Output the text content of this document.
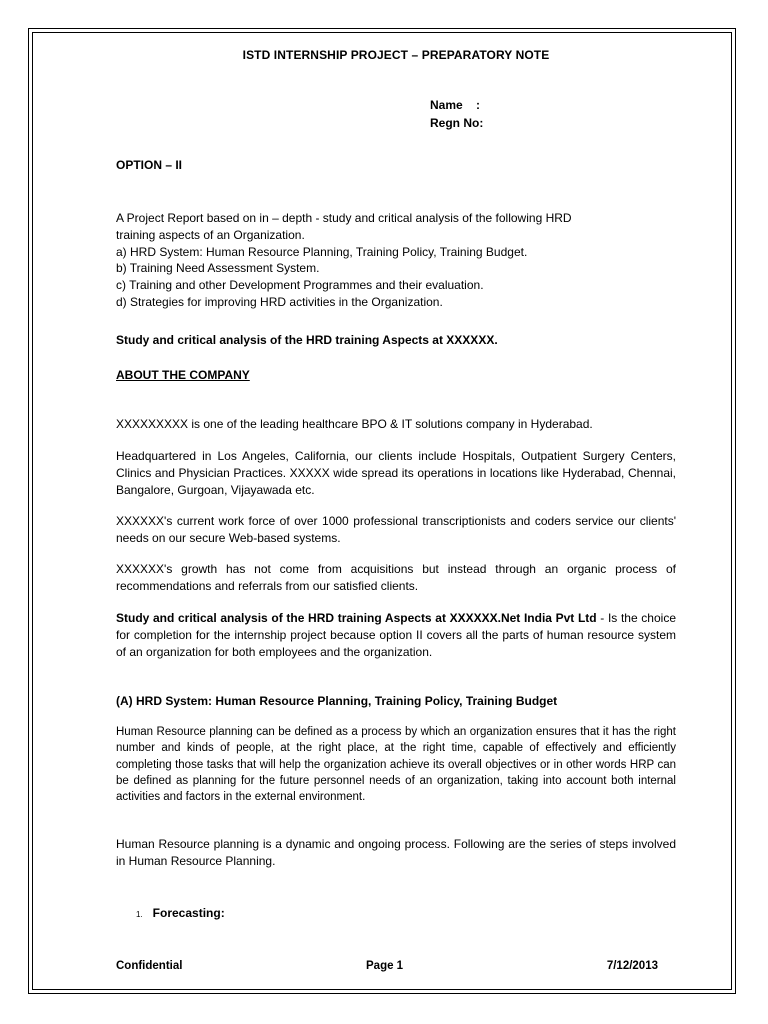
ISTD INTERNSHIP PROJECT – PREPARATORY NOTE
Name    :
Regn No:
OPTION – II
A Project Report based on in – depth - study and critical analysis of the following HRD
training aspects of an Organization.
a) HRD System: Human Resource Planning, Training Policy, Training Budget.
b) Training Need Assessment System.
c) Training and other Development Programmes and their evaluation.
d) Strategies for improving HRD activities in the Organization.
Study and critical analysis of the HRD training Aspects at XXXXXX.
ABOUT THE COMPANY
XXXXXXXXX is one of the leading healthcare BPO & IT solutions company in Hyderabad.
Headquartered in Los Angeles, California, our clients include Hospitals, Outpatient Surgery Centers, Clinics and Physician Practices. XXXXX wide spread its operations in locations like Hyderabad, Chennai, Bangalore, Gurgoan, Vijayawada etc.
XXXXXX's current work force of over 1000 professional transcriptionists and coders service our clients' needs on our secure Web-based systems.
XXXXXX's growth has not come from acquisitions but instead through an organic process of recommendations and referrals from our satisfied clients.
Study and critical analysis of the HRD training Aspects at XXXXXX.Net India Pvt Ltd - Is the choice for completion for the internship project because option II covers all the parts of human resource system of an organization for both employees and the organization.
(A) HRD System: Human Resource Planning, Training Policy, Training Budget
Human Resource planning can be defined as a process by which an organization ensures that it has the right number and kinds of people, at the right place, at the right time, capable of effectively and efficiently completing those tasks that will help the organization achieve its overall objectives or in other words HRP can be defined as planning for the future personnel needs of an organization, taking into account both internal activities and factors in the external environment.
Human Resource planning is a dynamic and ongoing process. Following are the series of steps involved in Human Resource Planning.
1. Forecasting:
Confidential	Page 1	7/12/2013
